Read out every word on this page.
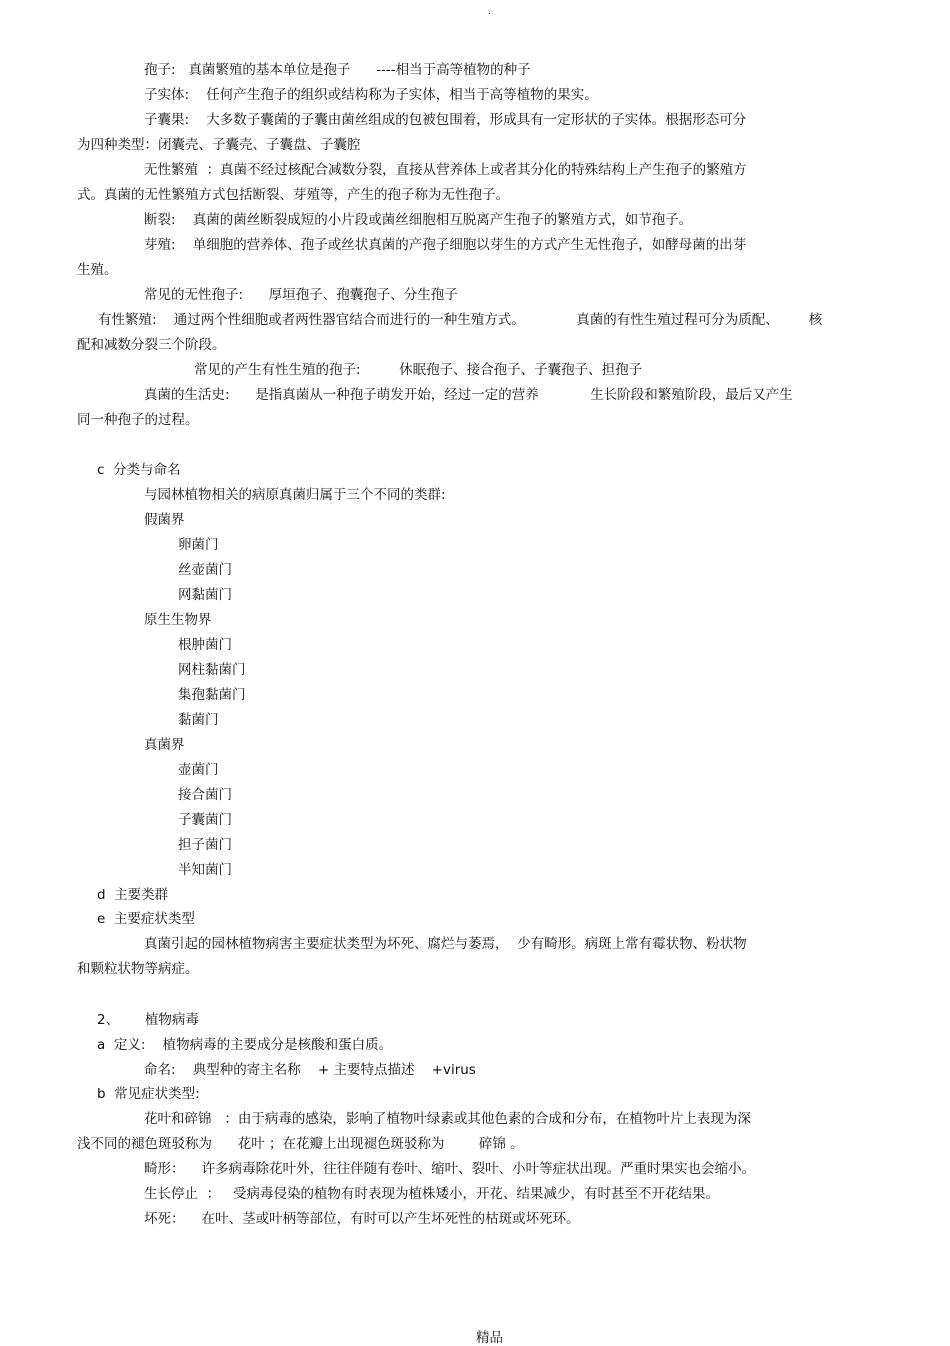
.
孢子:   真菌繁殖的基本单位是孢子      ----相当于高等植物的种子
子实体:    任何产生孢子的组织或结构称为子实体，相当于高等植物的果实。
子囊果:    大多数子囊菌的子囊由菌丝组成的包被包围着，形成具有一定形状的子实体。根据形态可分
为四种类型：闭囊壳、子囊壳、子囊盘、子囊腔
无性繁殖  ：真菌不经过核配合减数分裂，直接从营养体上或者其分化的特殊结构上产生孢子的繁殖方
式。真菌的无性繁殖方式包括断裂、芽殖等，产生的孢子称为无性孢子。
断裂:    真菌的菌丝断裂成短的小片段或菌丝细胞相互脱离产生孢子的繁殖方式，如节孢子。
芽殖:    单细胞的营养体、孢子或丝状真菌的产孢子细胞以芽生的方式产生无性孢子，如酵母菌的出芽
生殖。
常见的无性孢子:      厚垣孢子、孢囊孢子、分生孢子
有性繁殖:    通过两个性细胞或者两性器官结合而进行的一种生殖方式。            真菌的有性生殖过程可分为质配、       核
配和减数分裂三个阶段。
常见的产生有性生殖的孢子:         休眠孢子、接合孢子、子囊孢子、担孢子
真菌的生活史:      是指真菌从一种孢子萌发开始，经过一定的营养            生长阶段和繁殖阶段，最后又产生
同一种孢子的过程。
c  分类与命名
与园林植物相关的病原真菌归属于三个不同的类群:
假菌界
卵菌门
丝壶菌门
网黏菌门
原生生物界
根肿菌门
网柱黏菌门
集孢黏菌门
黏菌门
真菌界
壶菌门
接合菌门
子囊菌门
担子菌门
半知菌门
d  主要类群
e  主要症状类型
真菌引起的园林植物病害主要症状类型为坏死、腐烂与萎焉，  少有畸形。病斑上常有霉状物、粉状物
和颗粒状物等病症。
2、      植物病毒
a  定义:    植物病毒的主要成分是核酸和蛋白质。
命名:    典型种的寄主名称    + 主要特点描述    +virus
b  常见症状类型:
花叶和碎锦   ：由于病毒的感染，影响了植物叶绿素或其他色素的合成和分布，在植物叶片上表现为深
浅不同的褪色斑驳称为      花叶 ；在花瓣上出现褪色斑驳称为        碎锦 。
畸形：    许多病毒除花叶外，往往伴随有卷叶、缩叶、裂叶、小叶等症状出现。严重时果实也会缩小。
生长停止  ：   受病毒侵染的植物有时表现为植株矮小，开花、结果减少，有时甚至不开花结果。
坏死：    在叶、茎或叶柄等部位，有时可以产生坏死性的枯斑或坏死环。
精品
